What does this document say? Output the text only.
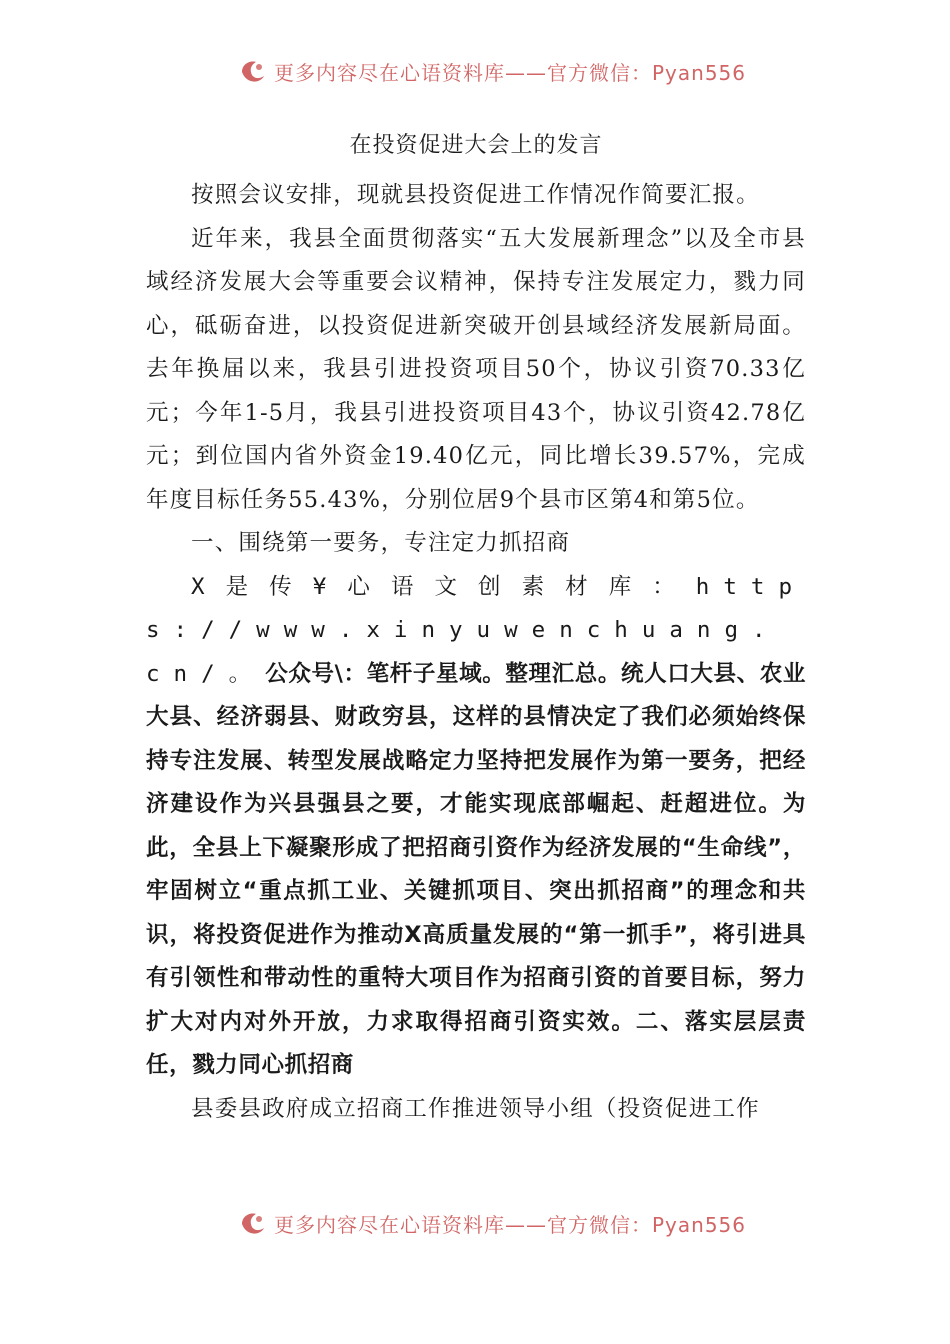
更多内容尽在心语资料库——官方微信：Pyan556
在投资促进大会上的发言

按照会议安排，现就县投资促进工作情况作简要汇报。

近年来，我县全面贯彻落实“五大发展新理念”以及全市县域经济发展大会等重要会议精神，保持专注发展定力，戮力同心，砥砺奋进，以投资促进新突破开创县域经济发展新局面。去年换届以来，我县引进投资项目50个，协议引资70.33亿元；今年1-5月，我县引进投资项目43个，协议引资42.78亿元；到位国内省外资金19.40亿元，同比增长39.57%，完成年度目标任务55.43%，分别位居9个县市区第4和第5位。

一、围绕第一要务，专注定力抓招商

X是传¥心语文创素材库：https://www.xinyuwenchuang.cn/。公众号\：笔杆子星域。整理汇总。统人口大县、农业大县、经济弱县、财政穷县，这样的县情决定了我们必须始终保持专注发展、转型发展战略定力坚持把发展作为第一要务，把经济建设作为兴县强县之要，才能实现底部崛起、赶超进位。为此，全县上下凝聚形成了把招商引资作为经济发展的“生命线”，牢固树立“重点抓工业、关键抓项目、突出抓招商”的理念和共识，将投资促进作为推动X高质量发展的“第一抓手”，将引进具有引领性和带动性的重特大项目作为招商引资的首要目标，努力扩大对内对外开放，力求取得招商引资实效。二、落实层层责任，戮力同心抓招商

县委县政府成立招商工作推进领导小组（投资促进工作

更多内容尽在心语资料库——官方微信：Pyan556
